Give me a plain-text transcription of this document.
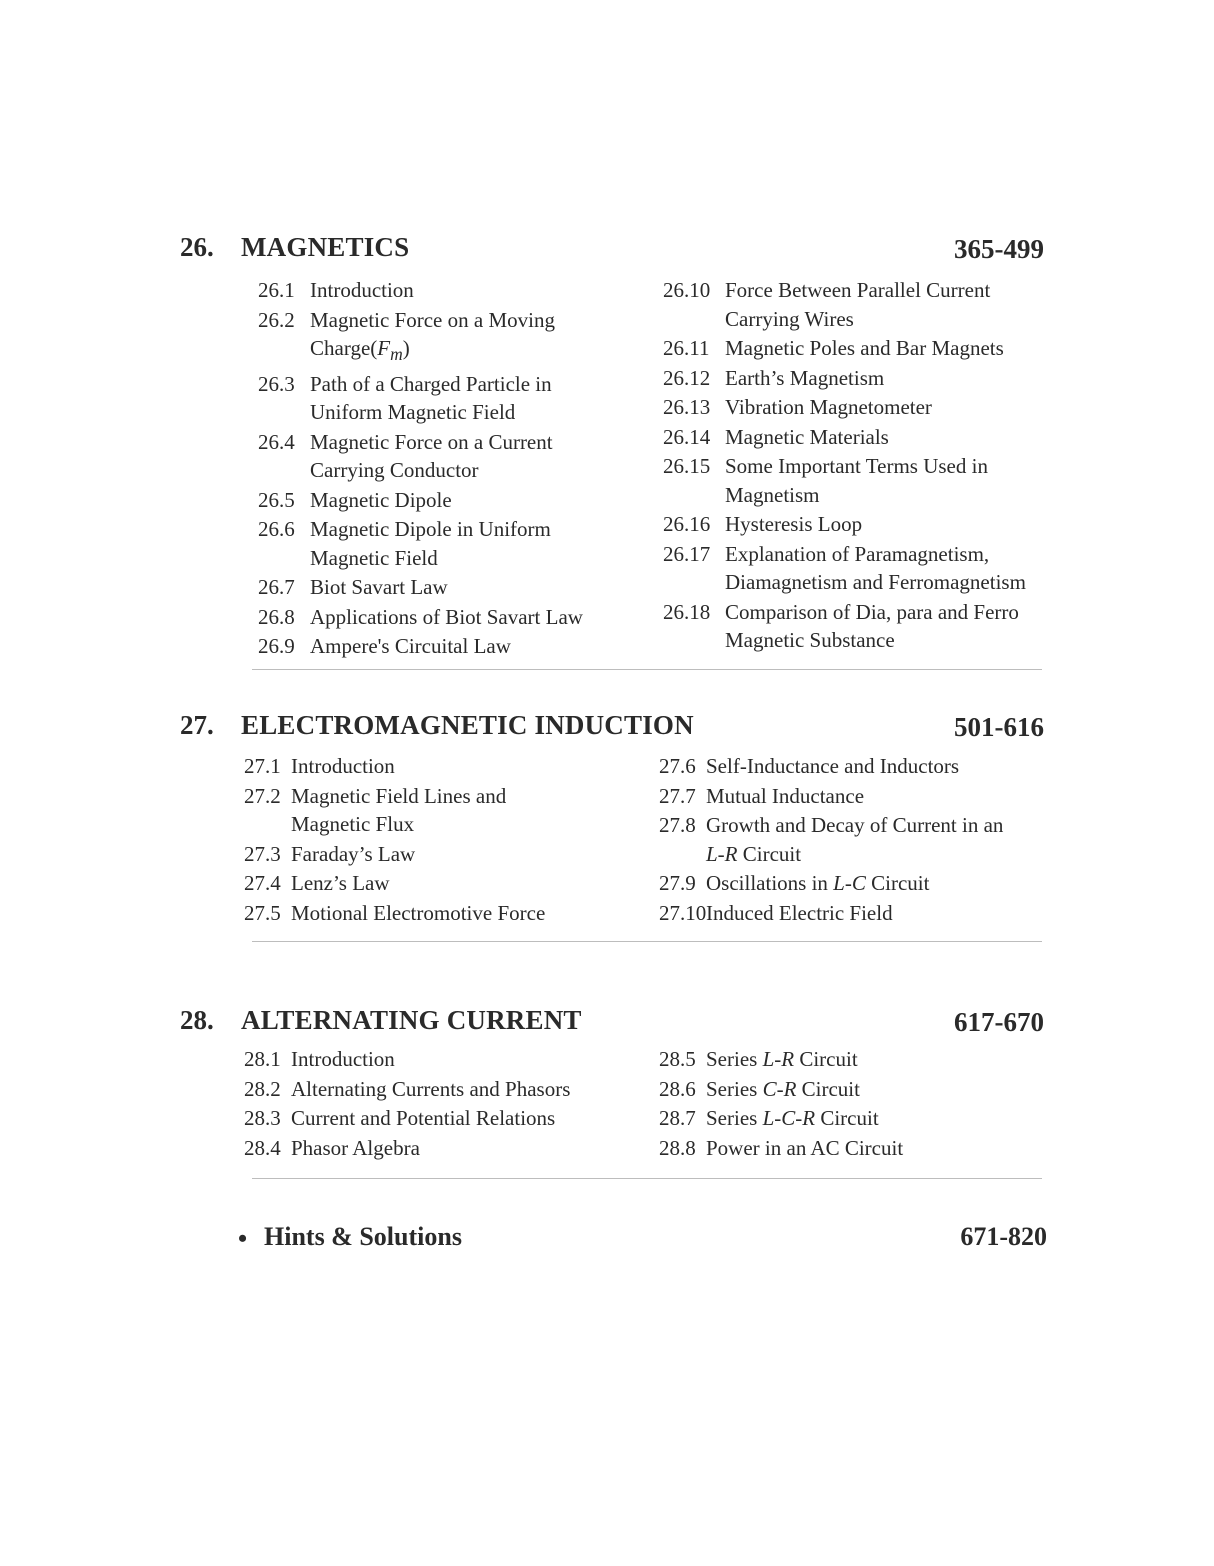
26. MAGNETICS	365-499
26.1 Introduction
26.2 Magnetic Force on a Moving
$Charge(F_m)$
26.3 Path of a Charged Particle in
Uniform Magnetic Field
26.4 Magnetic Force on a Current
Carrying Conductor
26.5 Magnetic Dipole
26.6 Magnetic Dipole in Uniform
Magnetic Field
26.7 Biot Savart Law
26.8 Applications of Biot Savart Law
26.9 Ampere's Circuital Law
26.10 Force Between Parallel Current
Carrying Wires
26.11 Magnetic Poles and Bar Magnets
26.12 Earth’s Magnetism
26.13 Vibration Magnetometer
26.14 Magnetic Materials
26.15 Some Important Terms Used in
Magnetism
26.16 Hysteresis Loop
26.17 Explanation of Paramagnetism,
Diamagnetism and Ferromagnetism
26.18 Comparison of Dia, para and Ferro
Magnetic Substance
27. ELECTROMAGNETIC INDUCTION	501-616
27.1 Introduction
27.2 Magnetic Field Lines and
Magnetic Flux
27.3 Faraday’s Law
27.4 Lenz’s Law
27.5 Motional Electromotive Force
27.6 Self-Inductance and Inductors
27.7 Mutual Inductance
27.8 Growth and Decay of Current in an
L-R Circuit
27.9 Oscillations in L-C Circuit
27.10 Induced Electric Field
28. ALTERNATING CURRENT	617-670
28.1 Introduction
28.2 Alternating Currents and Phasors
28.3 Current and Potential Relations
28.4 Phasor Algebra
28.5 Series L-R Circuit
28.6 Series C-R Circuit
28.7 Series L-C-R Circuit
28.8 Power in an AC Circuit
• Hints & Solutions	671-820
